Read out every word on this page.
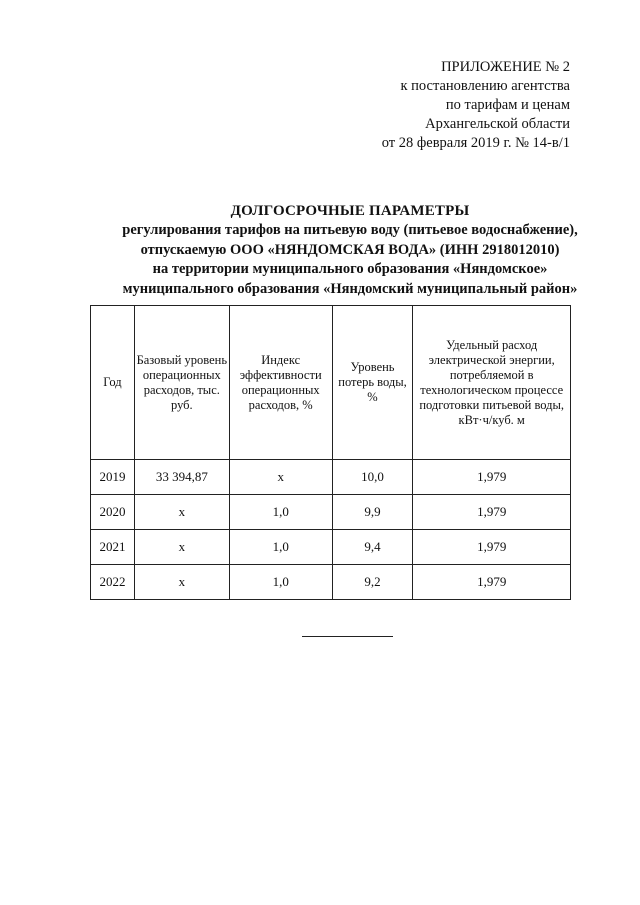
ПРИЛОЖЕНИЕ № 2
к постановлению агентства
по тарифам и ценам
Архангельской области
от 28 февраля 2019 г. № 14-в/1
ДОЛГОСРОЧНЫЕ ПАРАМЕТРЫ
регулирования тарифов на питьевую воду (питьевое водоснабжение),
отпускаемую ООО «НЯНДОМСКАЯ ВОДА» (ИНН 2918012010)
на территории муниципального образования «Няндомское»
муниципального образования «Няндомский муниципальный район»
Год	Базовый уровень операционных расходов, тыс. руб.	Индекс эффективности операционных расходов, %	Уровень потерь воды, %	Удельный расход электрической энергии, потребляемой в технологическом процессе подготовки питьевой воды, кВт·ч/куб. м
2019	33 394,87	х	10,0	1,979
2020	х	1,0	9,9	1,979
2021	х	1,0	9,4	1,979
2022	х	1,0	9,2	1,979
